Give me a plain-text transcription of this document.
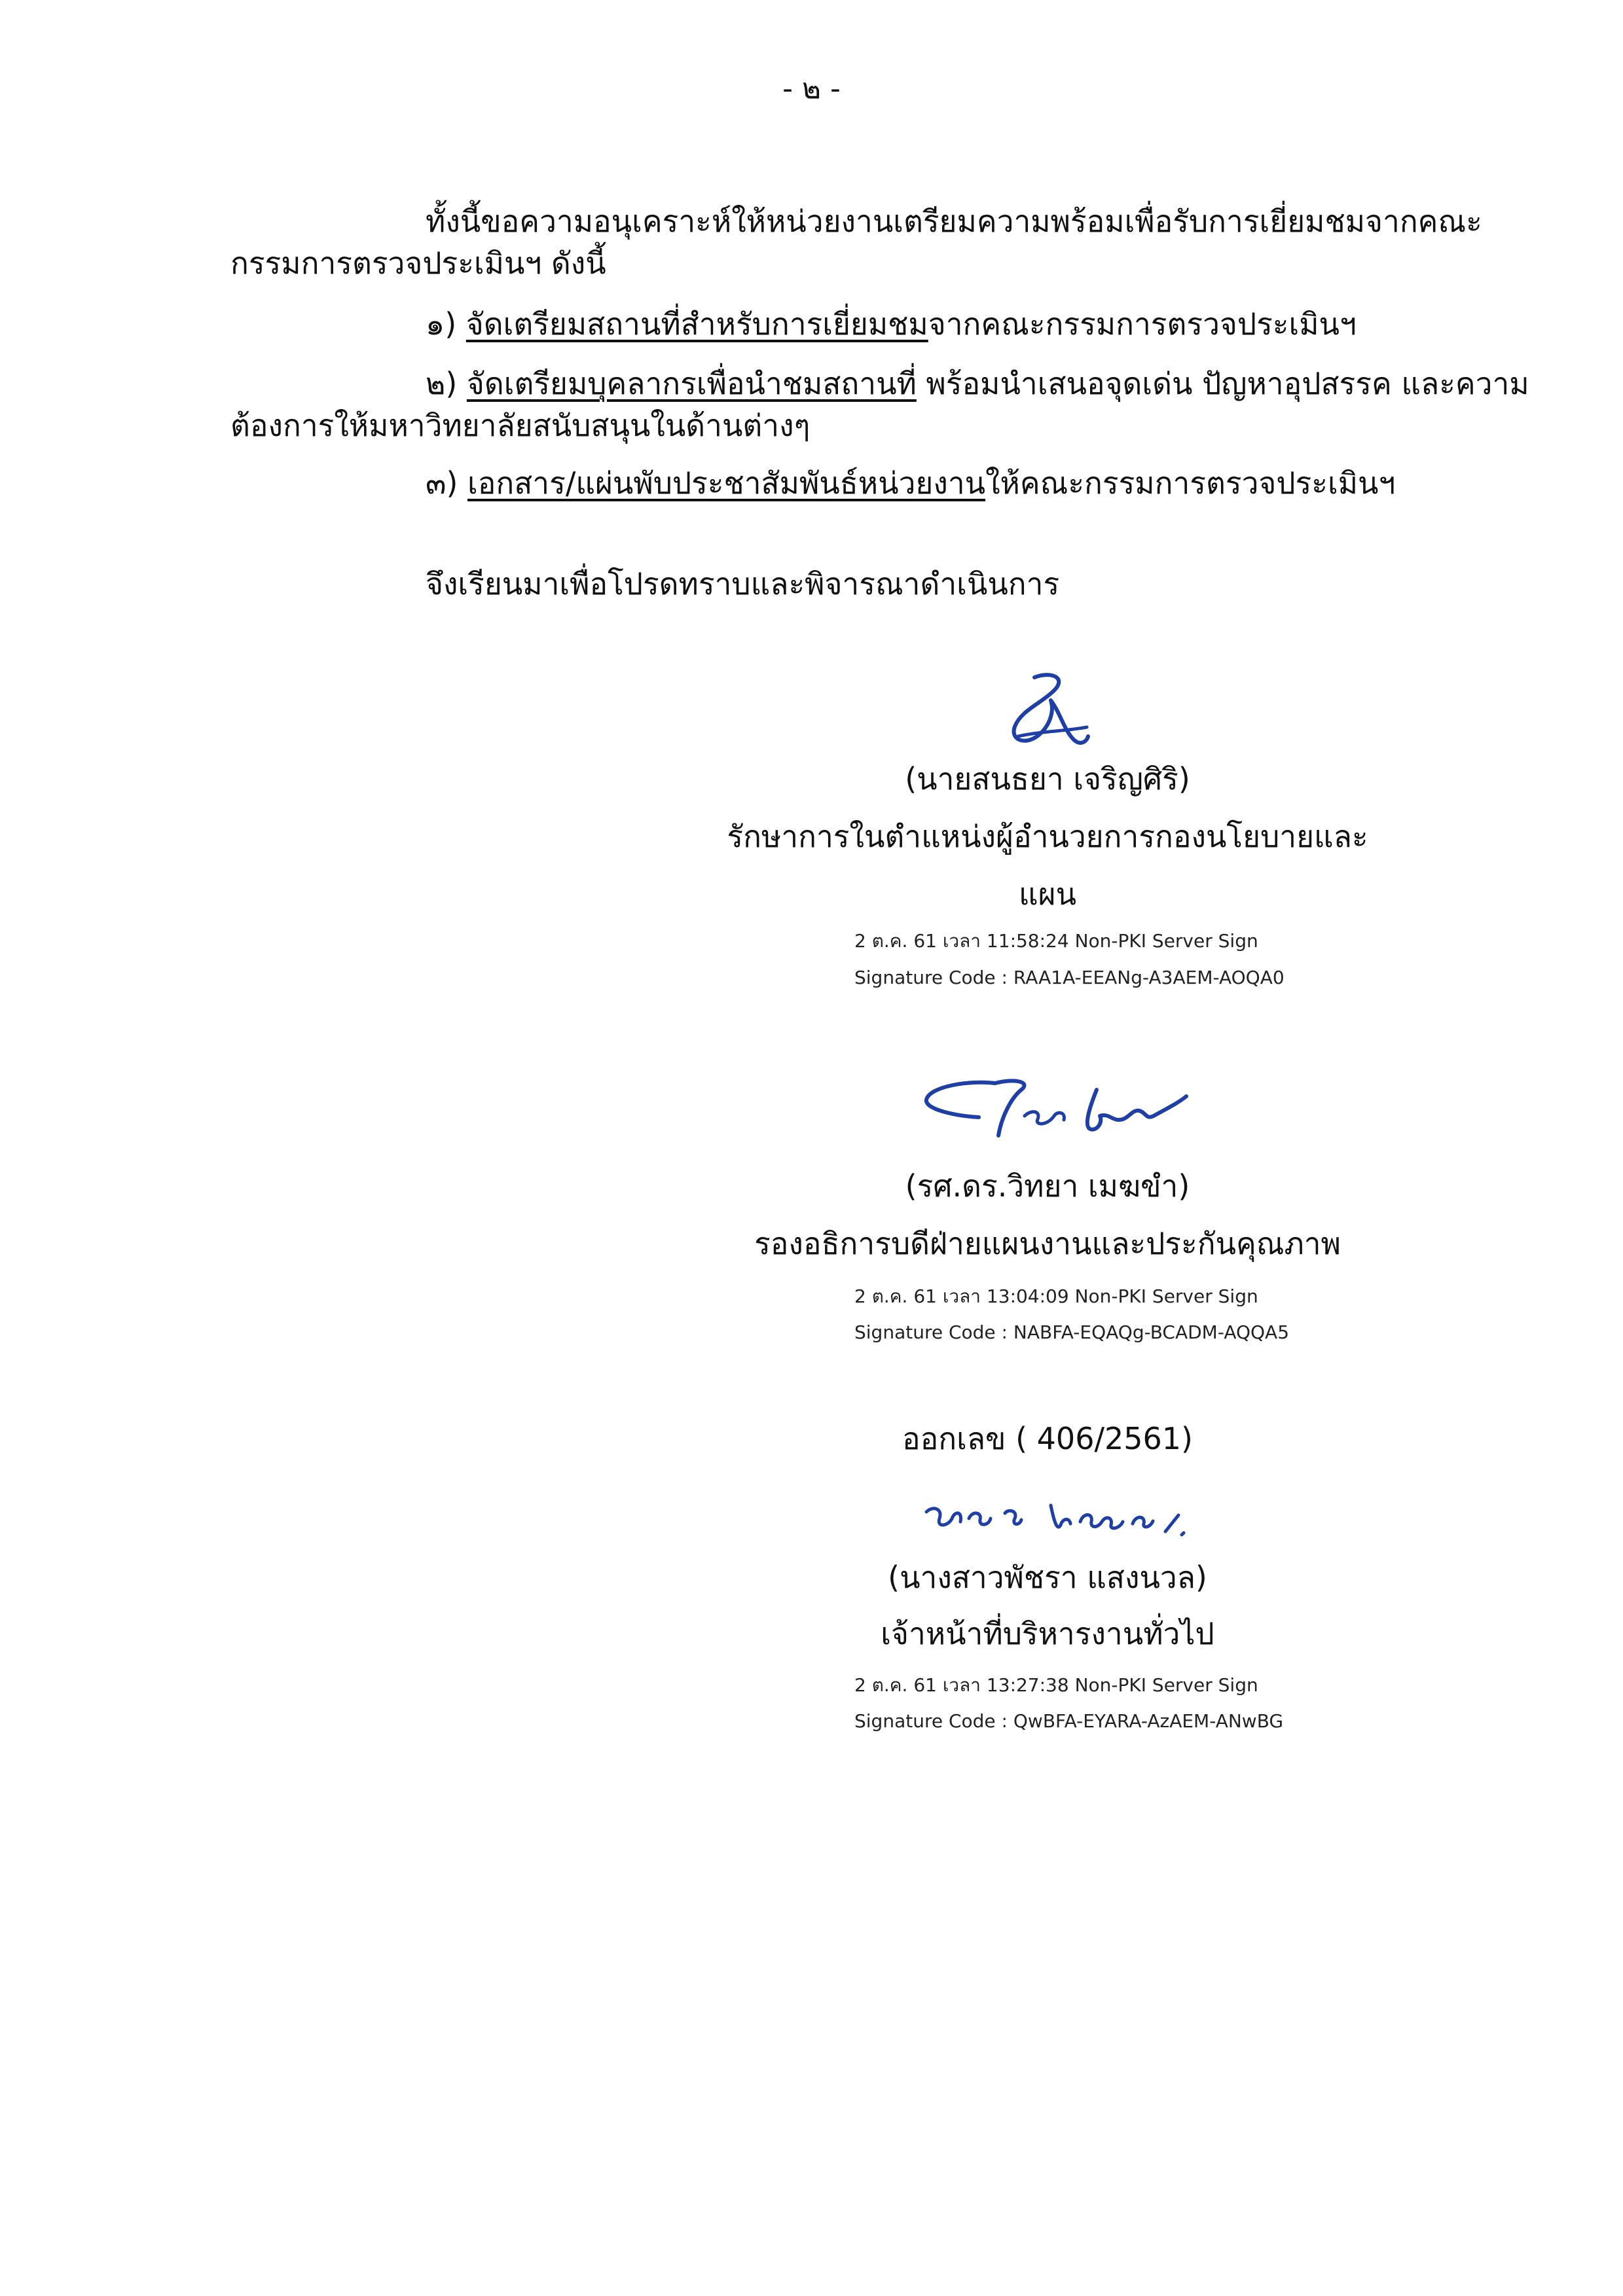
- ๒ -
ทั้งนี้ขอความอนุเคราะห์ให้หน่วยงานเตรียมความพร้อมเพื่อรับการเยี่ยมชมจากคณะ
กรรมการตรวจประเมินฯ ดังนี้
๑) จัดเตรียมสถานที่สำหรับการเยี่ยมชมจากคณะกรรมการตรวจประเมินฯ
๒) จัดเตรียมบุคลากรเพื่อนำชมสถานที่ พร้อมนำเสนอจุดเด่น ปัญหาอุปสรรค และความ
ต้องการให้มหาวิทยาลัยสนับสนุนในด้านต่างๆ
๓) เอกสาร/แผ่นพับประชาสัมพันธ์หน่วยงานให้คณะกรรมการตรวจประเมินฯ
จึงเรียนมาเพื่อโปรดทราบและพิจารณาดำเนินการ
(นายสนธยา เจริญศิริ)
รักษาการในตำแหน่งผู้อำนวยการกองนโยบายและ
แผน
2 ต.ค. 61 เวลา 11:58:24 Non-PKI Server Sign
Signature Code : RAA1A-EEANg-A3AEM-AOQA0
(รศ.ดร.วิทยา เมฆขำ)
รองอธิการบดีฝ่ายแผนงานและประกันคุณภาพ
2 ต.ค. 61 เวลา 13:04:09 Non-PKI Server Sign
Signature Code : NABFA-EQAQg-BCADM-AQQA5
ออกเลข ( 406/2561)
(นางสาวพัชรา แสงนวล)
เจ้าหน้าที่บริหารงานทั่วไป
2 ต.ค. 61 เวลา 13:27:38 Non-PKI Server Sign
Signature Code : QwBFA-EYARA-AzAEM-ANwBG
